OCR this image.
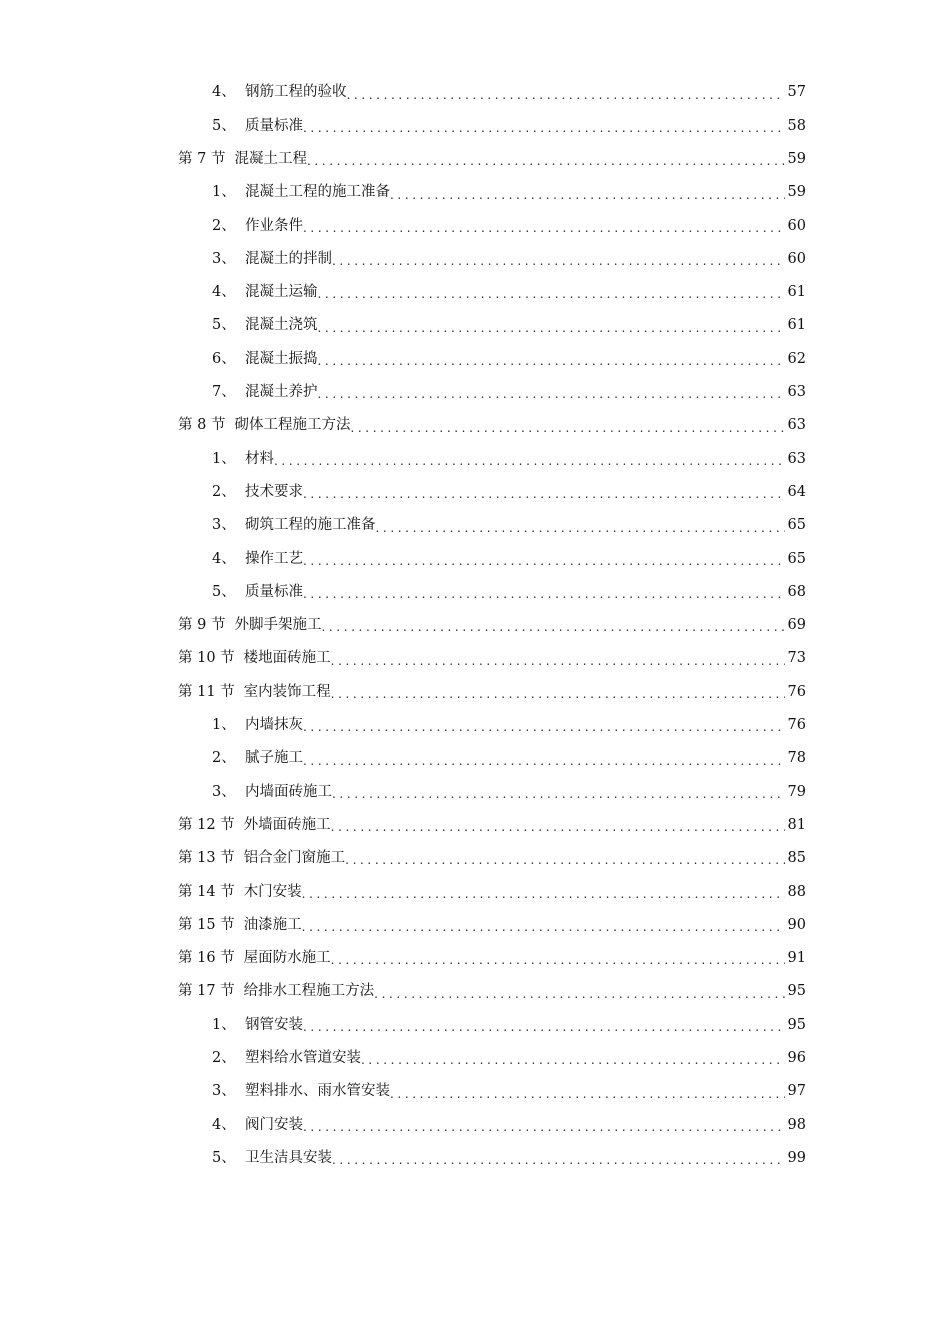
4、 钢筋工程的验收 .....	57
5、 质量标准 .....	58
第 7 节 混凝土工程 .....	59
1、 混凝土工程的施工准备 .....	59
2、 作业条件 .....	60
3、 混凝土的拌制 .....	60
4、 混凝土运输 .....	61
5、 混凝土浇筑 .....	61
6、 混凝土振捣 .....	62
7、 混凝土养护 .....	63
第 8 节 砌体工程施工方法 .....	63
1、 材料 .....	63
2、 技术要求 .....	64
3、 砌筑工程的施工准备 .....	65
4、 操作工艺 .....	65
5、 质量标准 .....	68
第 9 节 外脚手架施工 .....	69
第 10 节 楼地面砖施工 .....	73
第 11 节 室内装饰工程 .....	76
1、 内墙抹灰 .....	76
2、 腻子施工 .....	78
3、 内墙面砖施工 .....	79
第 12 节 外墙面砖施工 .....	81
第 13 节 铝合金门窗施工 .....	85
第 14 节 木门安装 .....	88
第 15 节 油漆施工 .....	90
第 16 节 屋面防水施工 .....	91
第 17 节 给排水工程施工方法 .....	95
1、 钢管安装 .....	95
2、 塑料给水管道安装 .....	96
3、 塑料排水、雨水管安装 .....	97
4、 阀门安装 .....	98
5、 卫生洁具安装 .....	99
